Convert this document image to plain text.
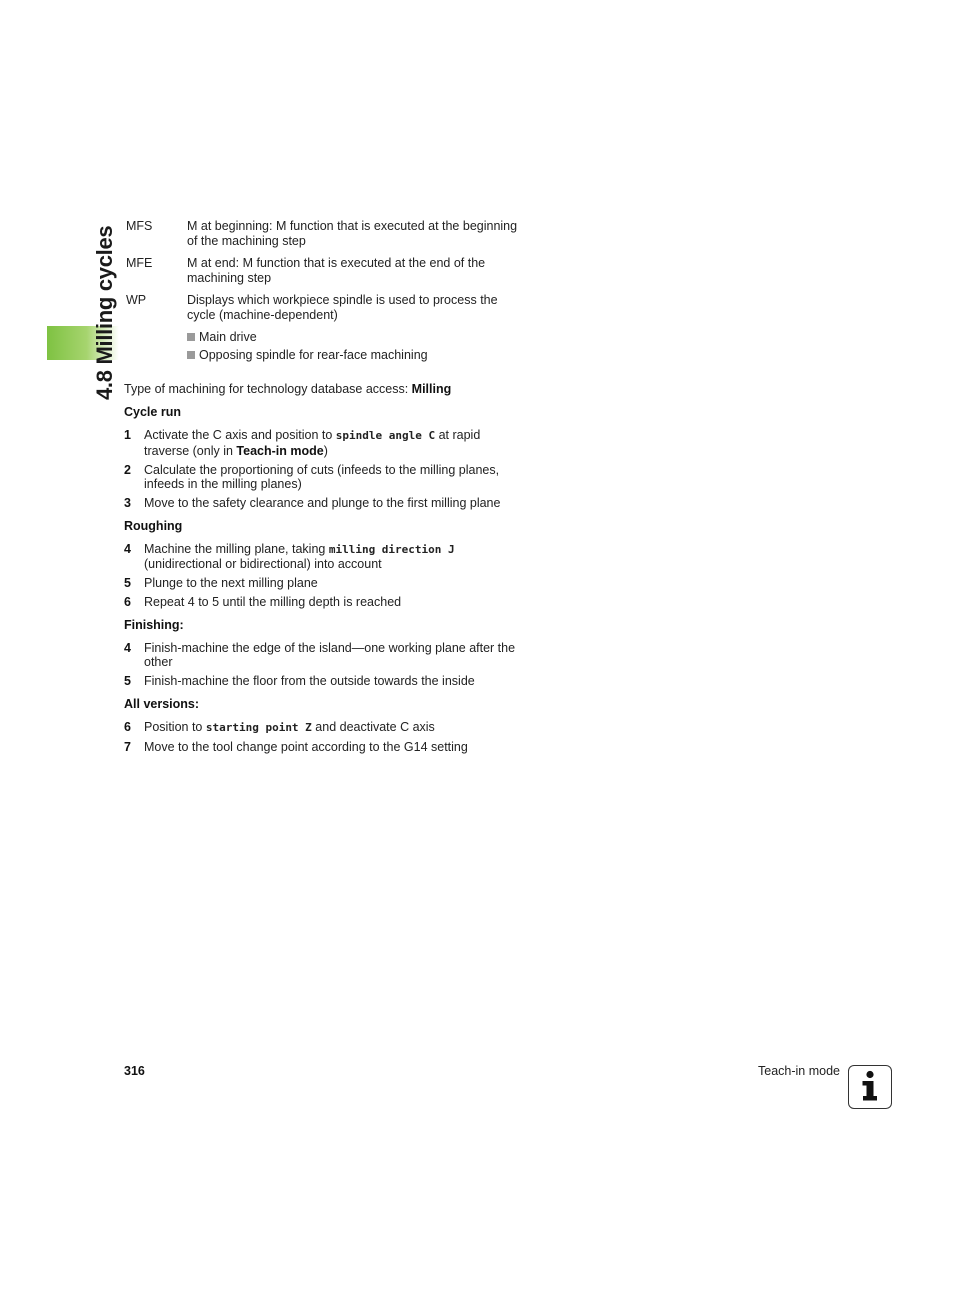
4.8 Milling cycles MFS	M at beginning: M function that is executed at the beginning of the machining step
MFE	M at end: M function that is executed at the end of the machining step
WP	Displays which workpiece spindle is used to process the cycle (machine-dependent)
Main drive
Opposing spindle for rear-face machining

Type of machining for technology database access: Milling

Cycle run

1	Activate the C axis and position to spindle angle C at rapid traverse (only in Teach-in mode)
2	Calculate the proportioning of cuts (infeeds to the milling planes, infeeds in the milling planes)
3	Move to the safety clearance and plunge to the first milling plane

Roughing

4	Machine the milling plane, taking milling direction J (unidirectional or bidirectional) into account
5	Plunge to the next milling plane
6	Repeat 4 to 5 until the milling depth is reached

Finishing:

4	Finish-machine the edge of the island—one working plane after the other
5	Finish-machine the floor from the outside towards the inside

All versions:

6	Position to starting point Z and deactivate C axis
7	Move to the tool change point according to the G14 setting
316	Teach-in mode
